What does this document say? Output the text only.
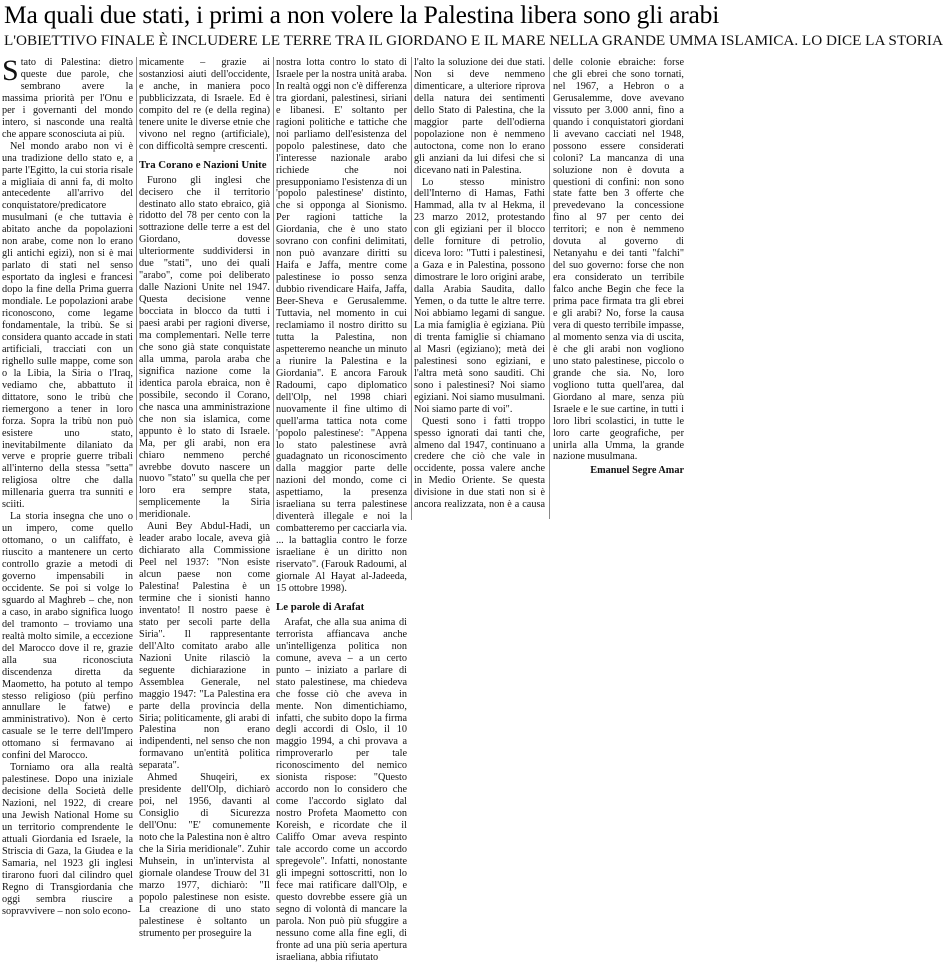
Ma quali due stati, i primi a non volere la Palestina libera sono gli arabi
L'OBIETTIVO FINALE È INCLUDERE LE TERRE TRA IL GIORDANO E IL MARE NELLA GRANDE UMMA ISLAMICA. LO DICE LA STORIA

Stato di Palestina: dietro queste due parole, che sembrano avere la massima priorità per l'Onu e per i governanti del mondo intero, si nasconde una realtà che appare sconosciuta ai più.

Nel mondo arabo non vi è una tradizione dello stato e, a parte l'Egitto, la cui storia risale a migliaia di anni fa, di molto antecedente all'arrivo del conquistatore/predicatore musulmani (e che tuttavia è abitato anche da popolazioni non arabe, come non lo erano gli antichi egizi), non si è mai parlato di stati nel senso esportato da inglesi e francesi dopo la fine della Prima guerra mondiale. Le popolazioni arabe riconoscono, come legame fondamentale, la tribù. Se si considera quanto accade in stati artificiali, tracciati con un righello sulle mappe, come son o la Libia, la Siria o l'Iraq, vediamo che, abbattuto il dittatore, sono le tribù che riemergono a tener in loro forza. Sopra la tribù non può esistere uno stato, inevitabilmente dilaniato da verve e proprie guerre tribali all'interno della stessa "setta" religiosa oltre che dalla millenaria guerra tra sunniti e sciiti.

La storia insegna che uno o un impero, come quello ottomano, o un califfato, è riuscito a mantenere un certo controllo grazie a metodi di governo impensabili in occidente. Se poi si volge lo sguardo al Maghreb – che, non a caso, in arabo significa luogo del tramonto – troviamo una realtà molto simile, a eccezione del Marocco dove il re, grazie alla sua riconosciuta discendenza diretta da Maometto, ha potuto al tempo stesso religioso (più perfino annullare le fatwe) e amministrativo). Non è certo casuale se le terre dell'Impero ottomano si fermavano ai confini del Marocco.

Torniamo ora alla realtà palestinese. Dopo una iniziale decisione della Società delle Nazioni, nel 1922, di creare una Jewish National Home su un territorio comprendente le attuali Giordania ed Israele, la Striscia di Gaza, la Giudea e la Samaria, nel 1923 gli inglesi tirarono fuori dal cilindro quel Regno di Transgiordania che oggi sembra riuscire a sopravvivere – non solo econo-

micamente – grazie ai sostanziosi aiuti dell'occidente, e anche, in maniera poco pubblicizzata, di Israele. Ed è compito del re (e della regina) tenere unite le diverse etnie che vivono nel regno (artificiale), con difficoltà sempre crescenti.

Tra Corano e Nazioni Unite

Furono gli inglesi che decisero che il territorio destinato allo stato ebraico, già ridotto del 78 per cento con la sottrazione delle terre a est del Giordano, dovesse ulteriormente suddividersi in due "stati", uno dei quali "arabo", come poi deliberato dalle Nazioni Unite nel 1947. Questa decisione venne bocciata in blocco da tutti i paesi arabi per ragioni diverse, ma complementari. Nelle terre che sono già state conquistate alla umma, parola araba che significa nazione come la identica parola ebraica, non è possibile, secondo il Corano, che nasca una amministrazione che non sia islamica, come appunto è lo stato di Israele. Ma, per gli arabi, non era chiaro nemmeno perché avrebbe dovuto nascere un nuovo "stato" su quella che per loro era sempre stata, semplicemente la Siria meridionale.

Auni Bey Abdul-Hadi, un leader arabo locale, aveva già dichiarato alla Commissione Peel nel 1937: "Non esiste alcun paese non come Palestina! Palestina è un termine che i sionisti hanno inventato! Il nostro paese è stato per secoli parte della Siria". Il rappresentante dell'Alto comitato arabo alle Nazioni Unite rilasciò la seguente dichiarazione in Assemblea Generale, nel maggio 1947: "La Palestina era parte della provincia della Siria; politicamente, gli arabi di Palestina non erano indipendenti, nel senso che non formavano un'entità politica separata".

Ahmed Shuqeiri, ex presidente dell'Olp, dichiarò poi, nel 1956, davanti al Consiglio di Sicurezza dell'Onu: "E' comunemente noto che la Palestina non è altro che la Siria meridionale". Zuhir Muhsein, in un'intervista al giornale olandese Trouw del 31 marzo 1977, dichiarò: "Il popolo palestinese non esiste. La creazione di uno stato palestinese è soltanto un strumento per proseguire la

nostra lotta contro lo stato di Israele per la nostra unità araba. In realtà oggi non c'è differenza tra giordani, palestinesi, siriani e libanesi. E' soltanto per ragioni politiche e tattiche che noi parliamo dell'esistenza del popolo palestinese, dato che l'interesse nazionale arabo richiede che noi presupponiamo l'esistenza di un 'popolo palestinese' distinto, che si opponga al Sionismo. Per ragioni tattiche la Giordania, che è uno stato sovrano con confini delimitati, non può avanzare diritti su Haifa e Jaffa, mentre come palestinese io posso senza dubbio rivendicare Haifa, Jaffa, Beer-Sheva e Gerusalemme. Tuttavia, nel momento in cui reclamiamo il nostro diritto su tutta la Palestina, non aspetteremo neanche un minuto a riunire la Palestina e la Giordania". E ancora Farouk Radoumi, capo diplomatico dell'Olp, nel 1998 chiarì nuovamente il fine ultimo di quell'arma tattica nota come 'popolo palestinese': "Appena lo stato palestinese avrà guadagnato un riconoscimento dalla maggior parte delle nazioni del mondo, come ci aspettiamo, la presenza israeliana su terra palestinese diventerà illegale e noi la combatteremo per cacciarla via. ... la battaglia contro le forze israeliane è un diritto non riservato". (Farouk Radoumi, al giornale Al Hayat al-Jadeeda, 15 ottobre 1998).

Le parole di Arafat

Arafat, che alla sua anima di terrorista affiancava anche un'intelligenza politica non comune, aveva – a un certo punto – iniziato a parlare di stato palestinese, ma chiedeva che fosse ciò che aveva in mente. Non dimentichiamo, infatti, che subito dopo la firma degli accordi di Oslo, il 10 maggio 1994, a chi provava a rimproverarlo per tale riconoscimento del nemico sionista rispose: "Questo accordo non lo considero che come l'accordo siglato dal nostro Profeta Maometto con Koreish, e ricordate che il Califfo Omar aveva respinto tale accordo come un accordo spregevole". Infatti, nonostante gli impegni sottoscritti, non lo fece mai ratificare dall'Olp, e questo dovrebbe essere già un segno di volontà di mancare la parola. Non può più sfuggire a nessuno come alla fine egli, di fronte ad una più seria apertura israeliana, abbia rifiutato

l'alto la soluzione dei due stati. Non si deve nemmeno dimenticare, a ulteriore riprova della natura dei sentimenti dello Stato di Palestina, che la maggior parte dell'odierna popolazione non è nemmeno autoctona, come non lo erano gli anziani da lui difesi che si dicevano nati in Palestina.

Lo stesso ministro dell'Interno di Hamas, Fathi Hammad, alla tv al Hekma, il 23 marzo 2012, protestando con gli egiziani per il blocco delle forniture di petrolio, diceva loro: "Tutti i palestinesi, a Gaza e in Palestina, possono dimostrare le loro origini arabe, dalla Arabia Saudita, dallo Yemen, o da tutte le altre terre. Noi abbiamo legami di sangue. La mia famiglia è egiziana. Più di trenta famiglie si chiamano al Masri (egiziano); metà dei palestinesi sono egiziani, e l'altra metà sono sauditi. Chi sono i palestinesi? Noi siamo egiziani. Noi siamo musulmani. Noi siamo parte di voi".

Questi sono i fatti troppo spesso ignorati dai tanti che, almeno dal 1947, continuano a credere che ciò che vale in occidente, possa valere anche in Medio Oriente. Se questa divisione in due stati non si è ancora realizzata, non è a causa delle colonie ebraiche: forse che gli ebrei che sono tornati, nel 1967, a Hebron o a Gerusalemme, dove avevano vissuto per 3.000 anni, fino a quando i conquistatori giordani li avevano cacciati nel 1948, possono essere considerati coloni? La mancanza di una soluzione non è dovuta a questioni di confini: non sono state fatte ben 3 offerte che prevedevano la concessione fino al 97 per cento dei territori; e non è nemmeno dovuta al governo di Netanyahu e dei tanti "falchi" del suo governo: forse che non era considerato un terribile falco anche Begin che fece la prima pace firmata tra gli ebrei e gli arabi? No, forse la causa vera di questo terribile impasse, al momento senza via di uscita, è che gli arabi non vogliono uno stato palestinese, piccolo o grande che sia. No, loro vogliono tutta quell'area, dal Giordano al mare, senza più Israele e le sue cartine, in tutti i loro libri scolastici, in tutte le loro carte geografiche, per unirla alla Umma, la grande nazione musulmana.

Emanuel Segre Amar
